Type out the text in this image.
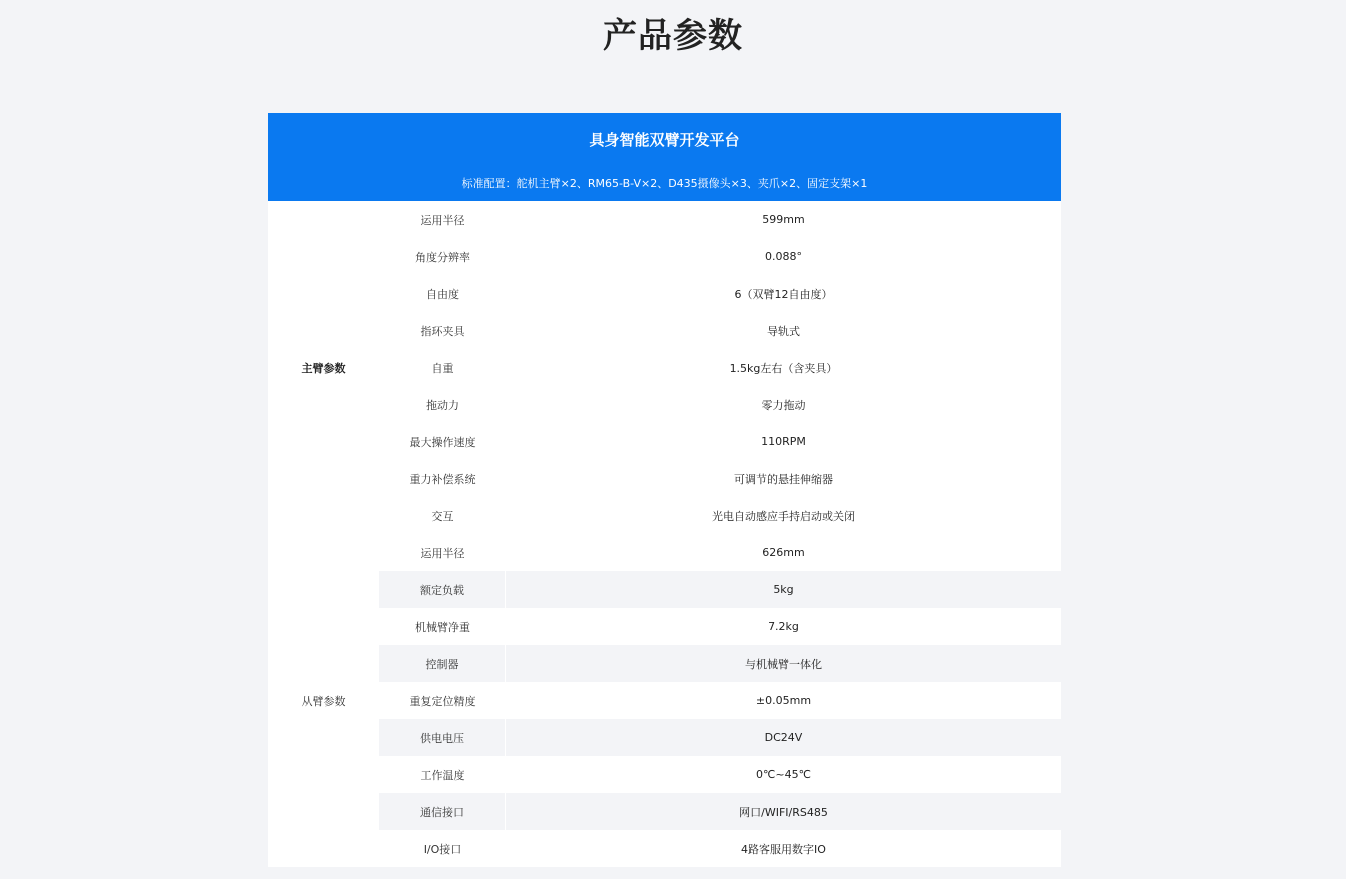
产品参数
具身智能双臂开发平台
标准配置：舵机主臂×2、RM65-B-V×2、D435摄像头×3、夹爪×2、固定支架×1
主臂参数
运用半径	599mm
角度分辨率	0.088°
自由度	6（双臂12自由度）
指环夹具	导轨式
自重	1.5kg左右（含夹具）
拖动力	零力拖动
最大操作速度	110RPM
重力补偿系统	可调节的悬挂伸缩器
交互	光电自动感应手持启动或关闭
从臂参数
运用半径	626mm
额定负载	5kg
机械臂净重	7.2kg
控制器	与机械臂一体化
重复定位精度	±0.05mm
供电电压	DC24V
工作温度	0℃~45℃
通信接口	网口/WIFI/RS485
I/O接口	4路客服用数字IO
